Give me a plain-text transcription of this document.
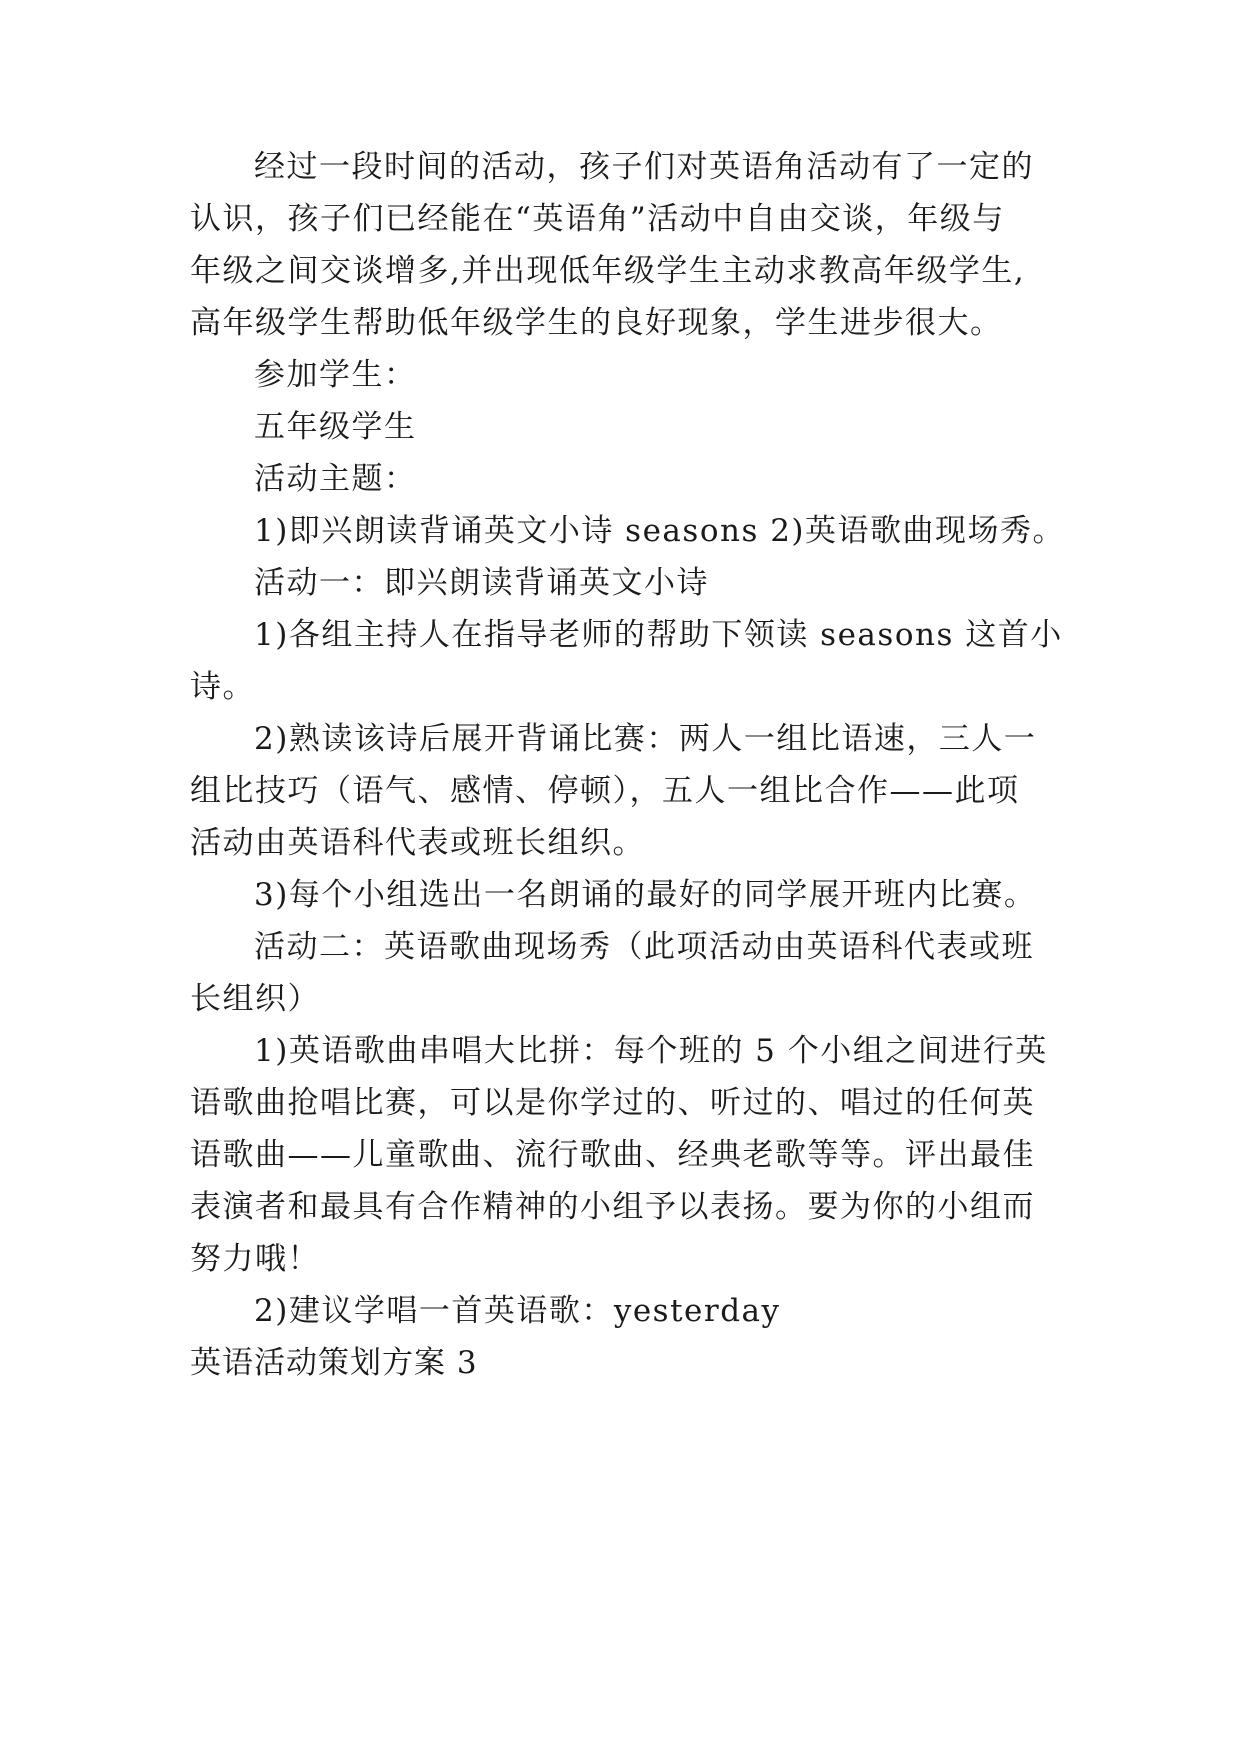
经过一段时间的活动，孩子们对英语角活动有了一定的

认识，孩子们已经能在“英语角”活动中自由交谈，年级与

年级之间交谈增多,并出现低年级学生主动求教高年级学生,

高年级学生帮助低年级学生的良好现象，学生进步很大。

参加学生：

五年级学生

活动主题：

1)即兴朗读背诵英文小诗 seasons 2)英语歌曲现场秀。

活动一：即兴朗读背诵英文小诗

1)各组主持人在指导老师的帮助下领读 seasons 这首小

诗。

2)熟读该诗后展开背诵比赛：两人一组比语速，三人一

组比技巧（语气、感情、停顿），五人一组比合作——此项

活动由英语科代表或班长组织。

3)每个小组选出一名朗诵的最好的同学展开班内比赛。

活动二：英语歌曲现场秀（此项活动由英语科代表或班

长组织）

1)英语歌曲串唱大比拼：每个班的 5 个小组之间进行英

语歌曲抢唱比赛，可以是你学过的、听过的、唱过的任何英

语歌曲——儿童歌曲、流行歌曲、经典老歌等等。评出最佳

表演者和最具有合作精神的小组予以表扬。要为你的小组而

努力哦！

2)建议学唱一首英语歌：yesterday

英语活动策划方案 3
